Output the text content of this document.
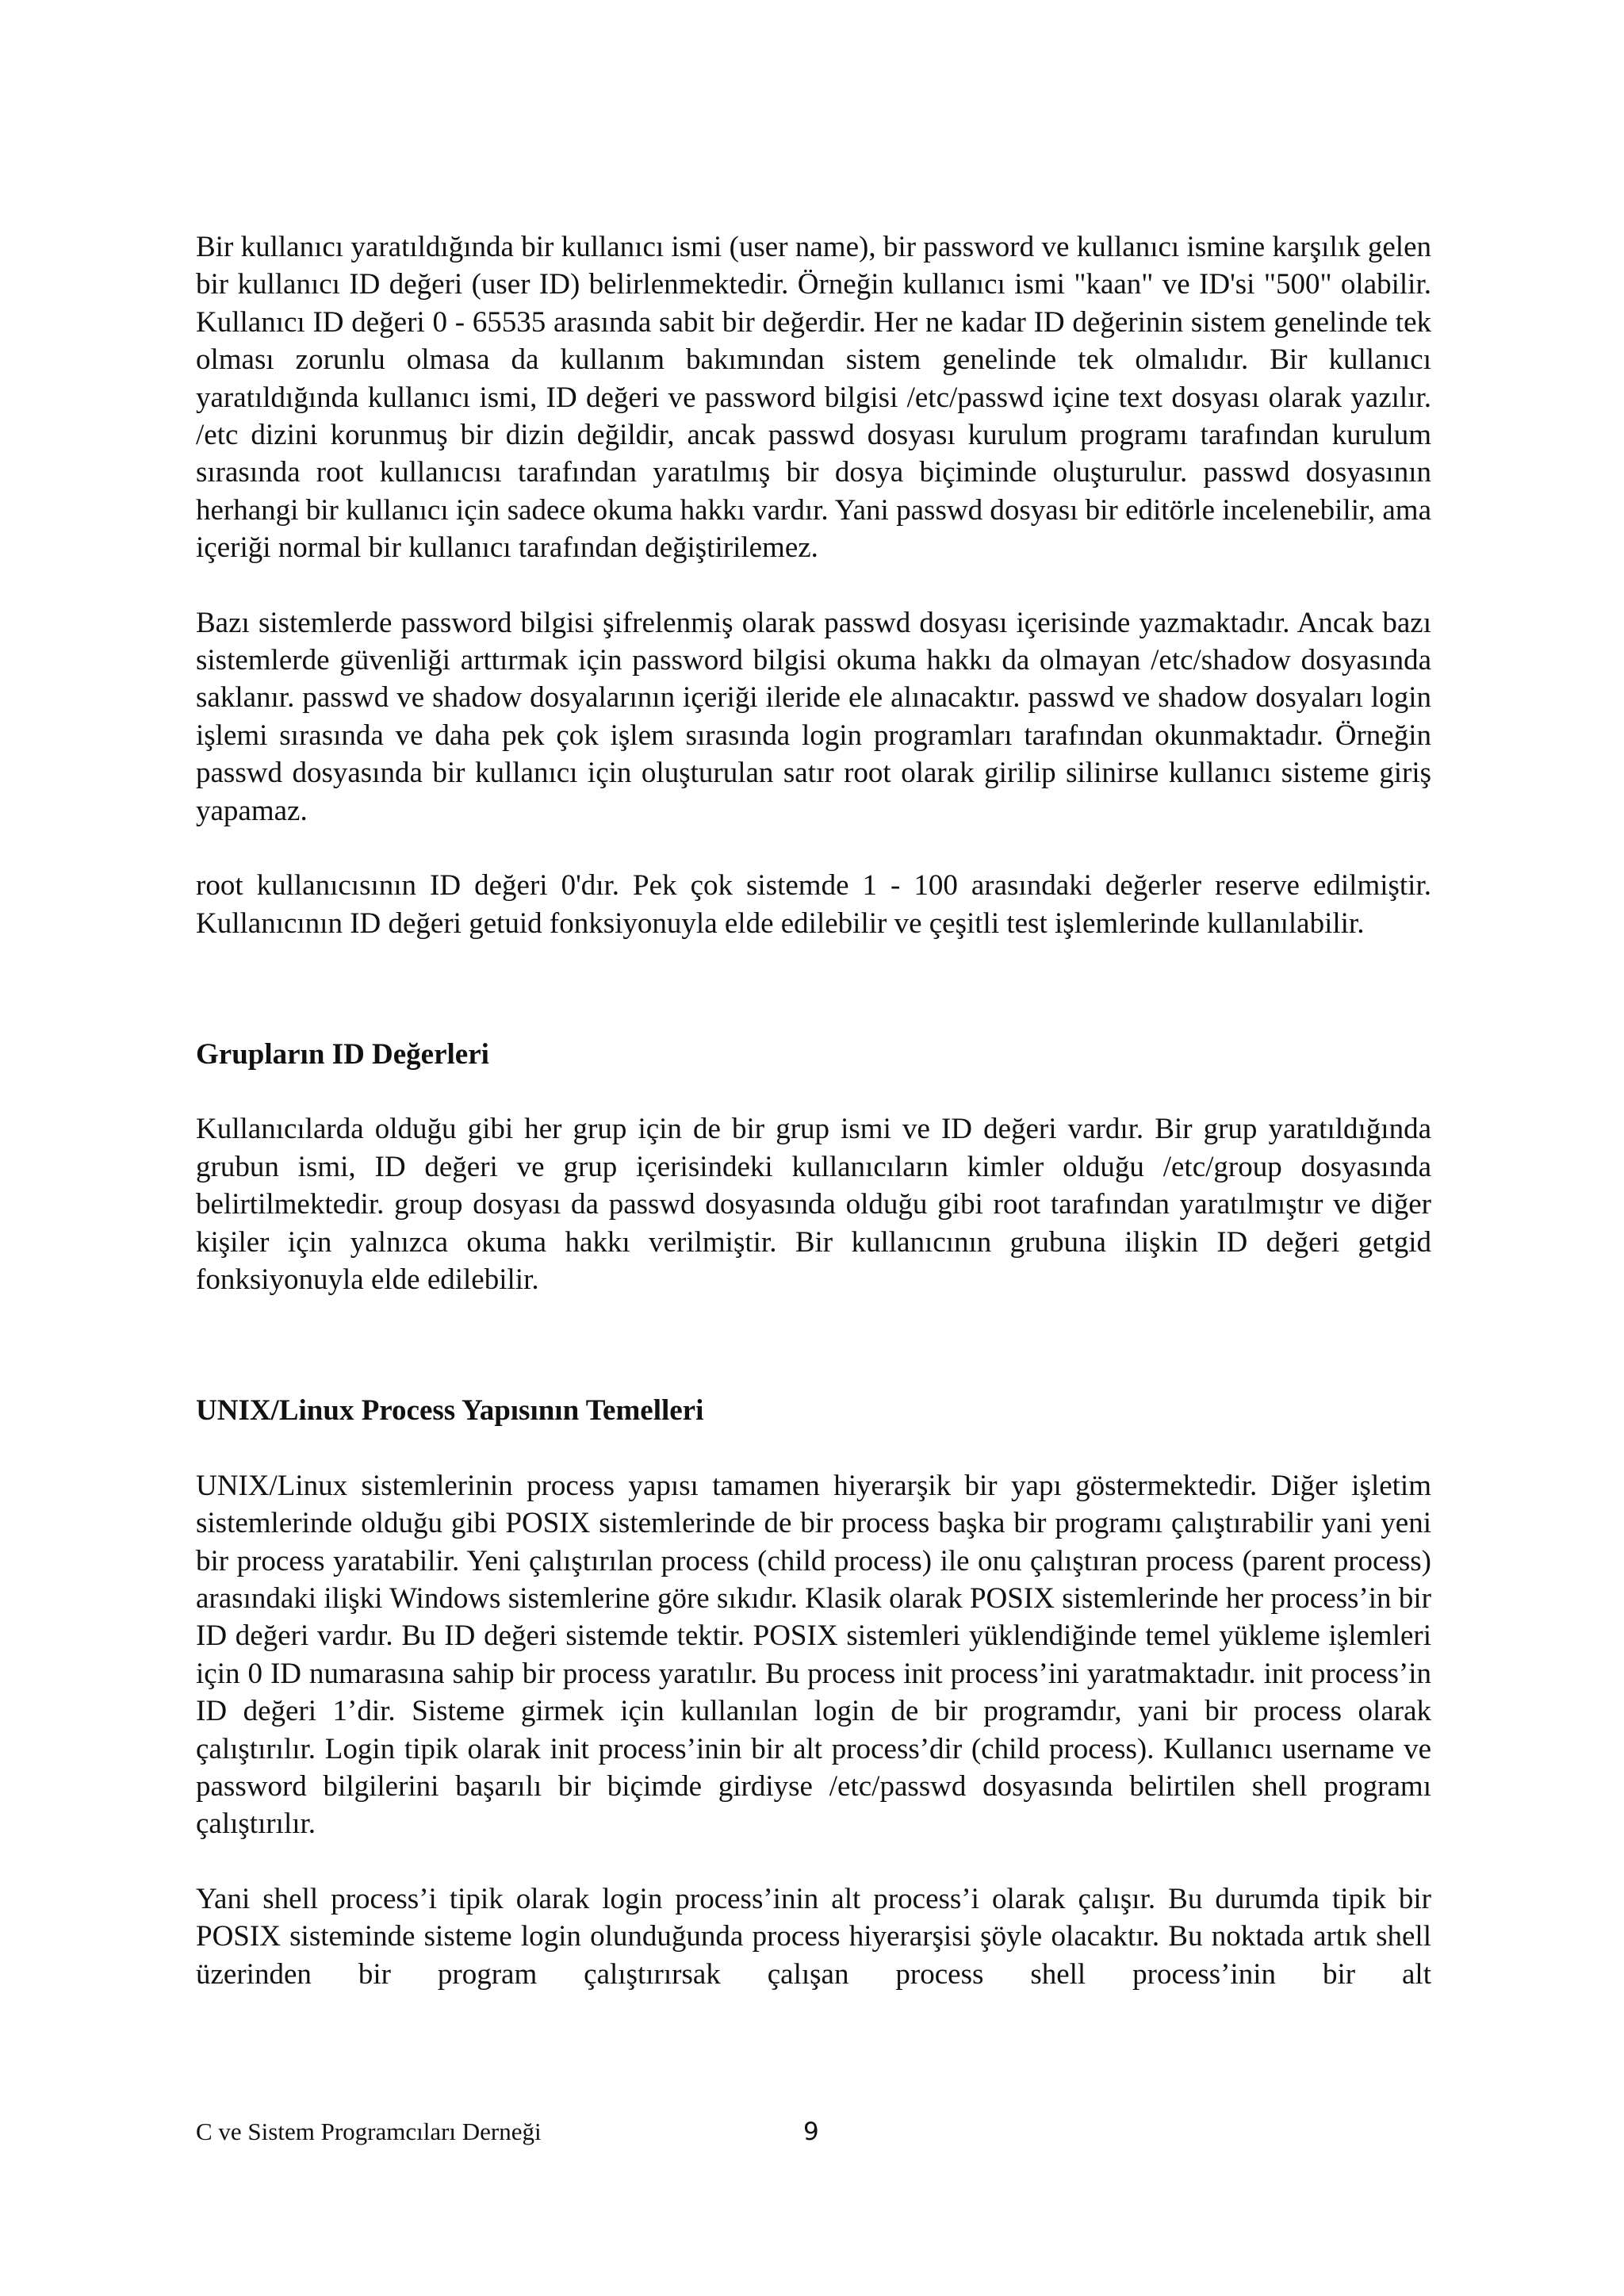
Bir kullanıcı yaratıldığında bir kullanıcı ismi (user name), bir password ve kullanıcı ismine karşılık gelen bir kullanıcı ID değeri (user ID) belirlenmektedir. Örneğin kullanıcı ismi "kaan" ve ID'si "500" olabilir. Kullanıcı ID değeri 0 - 65535 arasında sabit bir değerdir. Her ne kadar ID değerinin sistem genelinde tek olması zorunlu olmasa da kullanım bakımından sistem genelinde tek olmalıdır. Bir kullanıcı yaratıldığında kullanıcı ismi, ID değeri ve password bilgisi /etc/passwd içine text dosyası olarak yazılır. /etc dizini korunmuş bir dizin değildir, ancak passwd dosyası kurulum programı tarafından kurulum sırasında root kullanıcısı tarafından yaratılmış bir dosya biçiminde oluşturulur. passwd dosyasının herhangi bir kullanıcı için sadece okuma hakkı vardır. Yani passwd dosyası bir editörle incelenebilir, ama içeriği normal bir kullanıcı tarafından değiştirilemez.

Bazı sistemlerde password bilgisi şifrelenmiş olarak passwd dosyası içerisinde yazmaktadır. Ancak bazı sistemlerde güvenliği arttırmak için password bilgisi okuma hakkı da olmayan /etc/shadow dosyasında saklanır. passwd ve shadow dosyalarının içeriği ileride ele alınacaktır. passwd ve shadow dosyaları login işlemi sırasında ve daha pek çok işlem sırasında login programları tarafından okunmaktadır. Örneğin passwd dosyasında bir kullanıcı için oluşturulan satır root olarak girilip silinirse kullanıcı sisteme giriş yapamaz.

root kullanıcısının ID değeri 0'dır. Pek çok sistemde 1 - 100 arasındaki değerler reserve edilmiştir. Kullanıcının ID değeri getuid fonksiyonuyla elde edilebilir ve çeşitli test işlemlerinde kullanılabilir.

Grupların ID Değerleri

Kullanıcılarda olduğu gibi her grup için de bir grup ismi ve ID değeri vardır. Bir grup yaratıldığında grubun ismi, ID değeri ve grup içerisindeki kullanıcıların kimler olduğu /etc/group dosyasında belirtilmektedir. group dosyası da passwd dosyasında olduğu gibi root tarafından yaratılmıştır ve diğer kişiler için yalnızca okuma hakkı verilmiştir. Bir kullanıcının grubuna ilişkin ID değeri getgid fonksiyonuyla elde edilebilir.

UNIX/Linux Process Yapısının Temelleri

UNIX/Linux sistemlerinin process yapısı tamamen hiyerarşik bir yapı göstermektedir. Diğer işletim sistemlerinde olduğu gibi POSIX sistemlerinde de bir process başka bir programı çalıştırabilir yani yeni bir process yaratabilir. Yeni çalıştırılan process (child process) ile onu çalıştıran process (parent process) arasındaki ilişki Windows sistemlerine göre sıkıdır. Klasik olarak POSIX sistemlerinde her process’in bir ID değeri vardır. Bu ID değeri sistemde tektir. POSIX sistemleri yüklendiğinde temel yükleme işlemleri için 0 ID numarasına sahip bir process yaratılır. Bu process init process’ini yaratmaktadır. init process’in ID değeri 1’dir. Sisteme girmek için kullanılan login de bir programdır, yani bir process olarak çalıştırılır. Login tipik olarak init process’inin bir alt process’dir (child process). Kullanıcı username ve password bilgilerini başarılı bir biçimde girdiyse /etc/passwd dosyasında belirtilen shell programı çalıştırılır.

Yani shell process’i tipik olarak login process’inin alt process’i olarak çalışır. Bu durumda tipik bir POSIX sisteminde sisteme login olunduğunda process hiyerarşisi şöyle olacaktır. Bu noktada artık shell üzerinden bir program çalıştırırsak çalışan process shell process’inin bir alt

C ve Sistem Programcıları Derneği	9
